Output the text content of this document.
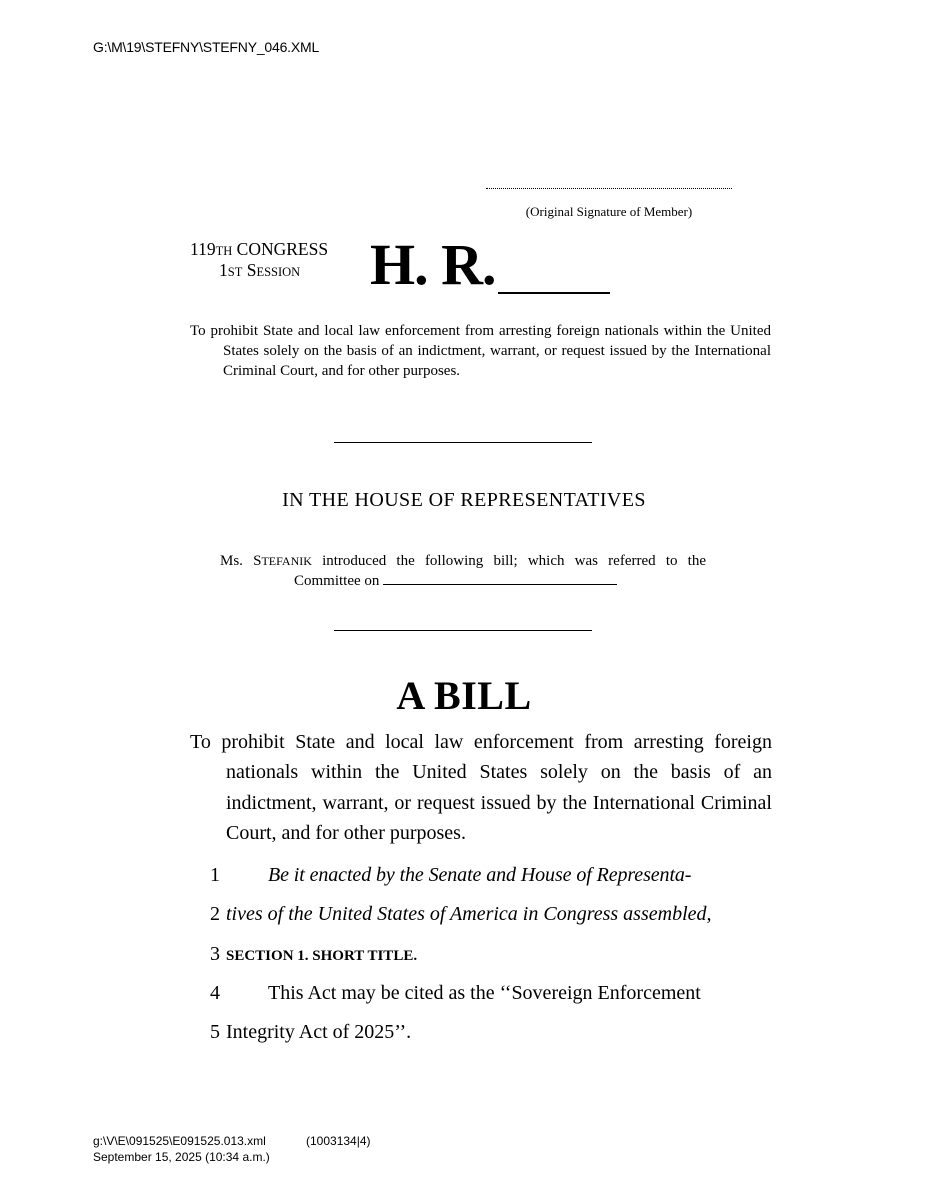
G:\M\19\STEFNY\STEFNY_046.XML
(Original Signature of Member)
119TH CONGRESS
1ST SESSION	H. R.
To prohibit State and local law enforcement from arresting foreign nationals within the United States solely on the basis of an indictment, warrant, or request issued by the International Criminal Court, and for other purposes.
IN THE HOUSE OF REPRESENTATIVES
Ms. STEFANIK introduced the following bill; which was referred to the
Committee on
A BILL
To prohibit State and local law enforcement from arresting foreign nationals within the United States solely on the basis of an indictment, warrant, or request issued by the International Criminal Court, and for other purposes.
1	Be it enacted by the Senate and House of Representa-
2 tives of the United States of America in Congress assembled,
3 SECTION 1. SHORT TITLE.
4	This Act may be cited as the ‘‘Sovereign Enforcement
5 Integrity Act of 2025’’.
g:\V\E\091525\E091525.013.xml	(1003134|4)
September 15, 2025 (10:34 a.m.)
